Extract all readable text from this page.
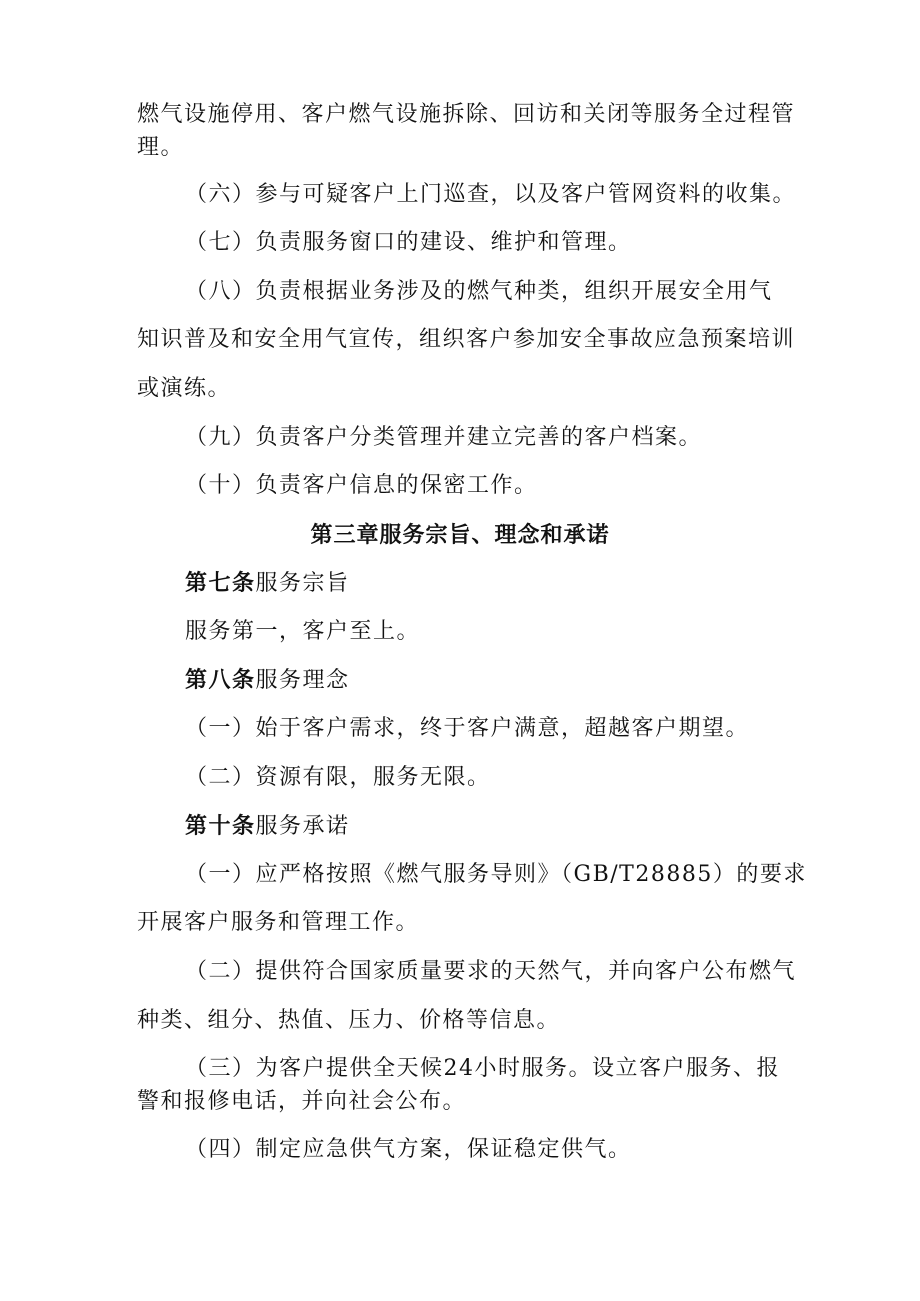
燃气设施停用、客户燃气设施拆除、回访和关闭等服务全过程管
理。
（六）参与可疑客户上门巡查，以及客户管网资料的收集。
（七）负责服务窗口的建设、维护和管理。
（八）负责根据业务涉及的燃气种类，组织开展安全用气
知识普及和安全用气宣传，组织客户参加安全事故应急预案培训
或演练。
（九）负责客户分类管理并建立完善的客户档案。
（十）负责客户信息的保密工作。
第三章服务宗旨、理念和承诺
第七条服务宗旨
服务第一，客户至上。
第八条服务理念
（一）始于客户需求，终于客户满意，超越客户期望。
（二）资源有限，服务无限。
第十条服务承诺
（一）应严格按照《燃气服务导则》（GB/T28885）的要求
开展客户服务和管理工作。
（二）提供符合国家质量要求的天然气，并向客户公布燃气
种类、组分、热值、压力、价格等信息。
（三）为客户提供全天候24小时服务。设立客户服务、报
警和报修电话，并向社会公布。
（四）制定应急供气方案，保证稳定供气。
